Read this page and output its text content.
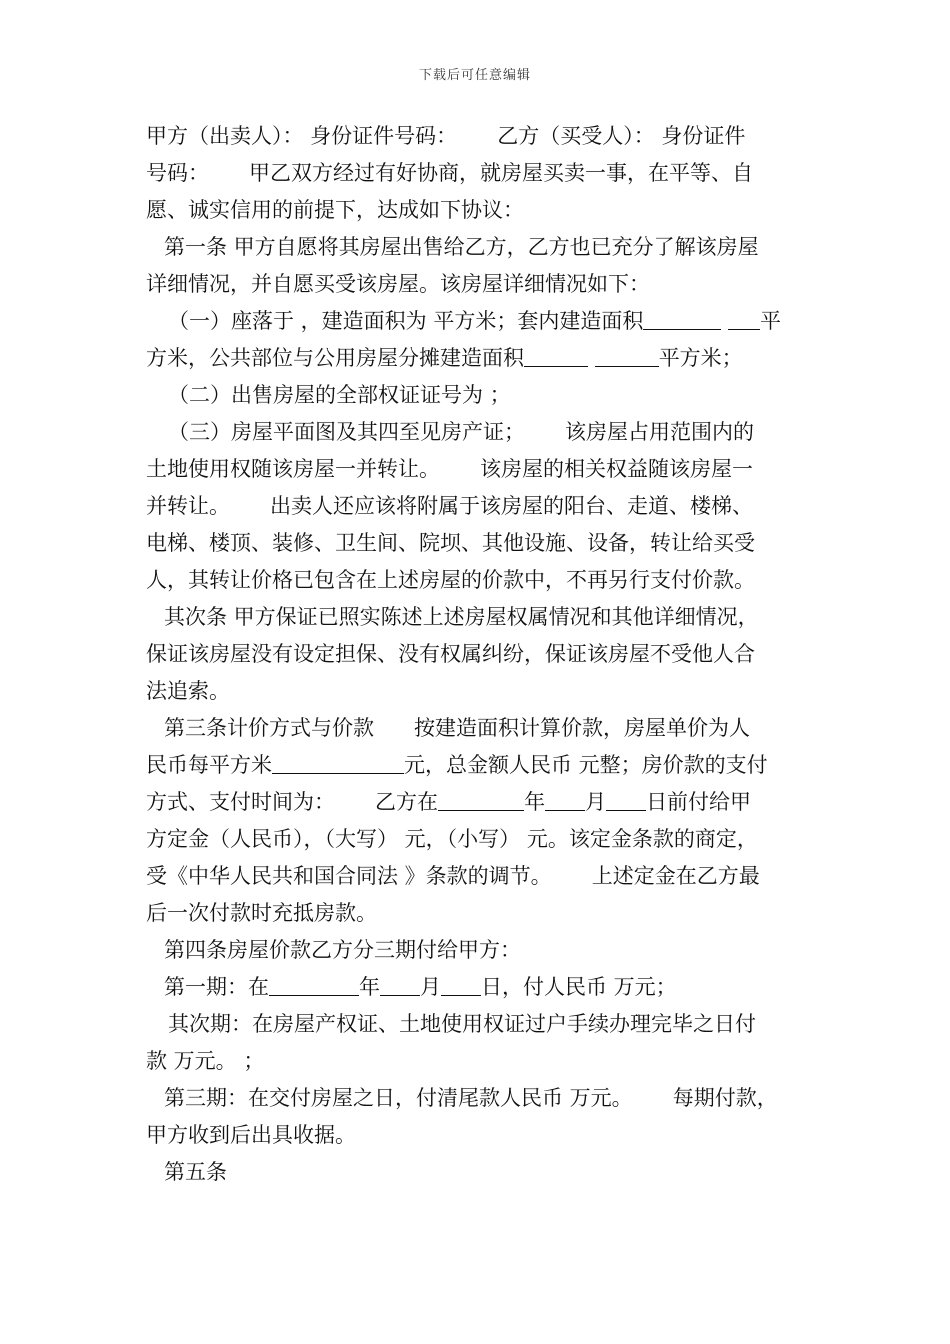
下载后可任意编辑
甲方（出卖人）： 身份证件号码：      乙方（买受人）： 身份证件
号码：      甲乙双方经过有好协商，就房屋买卖一事，在平等、自
愿、诚实信用的前提下，达成如下协议：
第一条 甲方自愿将其房屋出售给乙方，乙方也已充分了解该房屋
详细情况，并自愿买受该房屋。该房屋详细情况如下：
（一）座落于 ，建造面积为 平方米；套内建造面积	平
方米，公共部位与公用房屋分摊建造面积	平方米；
（二）出售房屋的全部权证证号为 ；
（三）房屋平面图及其四至见房产证；      该房屋占用范围内的
土地使用权随该房屋一并转让。      该房屋的相关权益随该房屋一
并转让。      出卖人还应该将附属于该房屋的阳台、走道、楼梯、
电梯、楼顶、装修、卫生间、院坝、其他设施、设备，转让给买受
人，其转让价格已包含在上述房屋的价款中，不再另行支付价款。
其次条 甲方保证已照实陈述上述房屋权属情况和其他详细情况，
保证该房屋没有设定担保、没有权属纠纷，保证该房屋不受他人合
法追索。
第三条计价方式与价款      按建造面积计算价款，房屋单价为人
民币每平方米	元，总金额人民币 元整；房价款的支付
方式、支付时间为：      乙方在	年 月 日前付给甲
方定金（人民币），（大写） 元，（小写） 元。该定金条款的商定，
受《中华人民共和国合同法 》条款的调节。      上述定金在乙方最
后一次付款时充抵房款。
第四条房屋价款乙方分三期付给甲方：
第一期：在	年 月 日，付人民币 万元；
其次期：在房屋产权证、土地使用权证过户手续办理完毕之日付
款 万元。 ；
第三期：在交付房屋之日，付清尾款人民币 万元。      每期付款，
甲方收到后出具收据。
第五条
